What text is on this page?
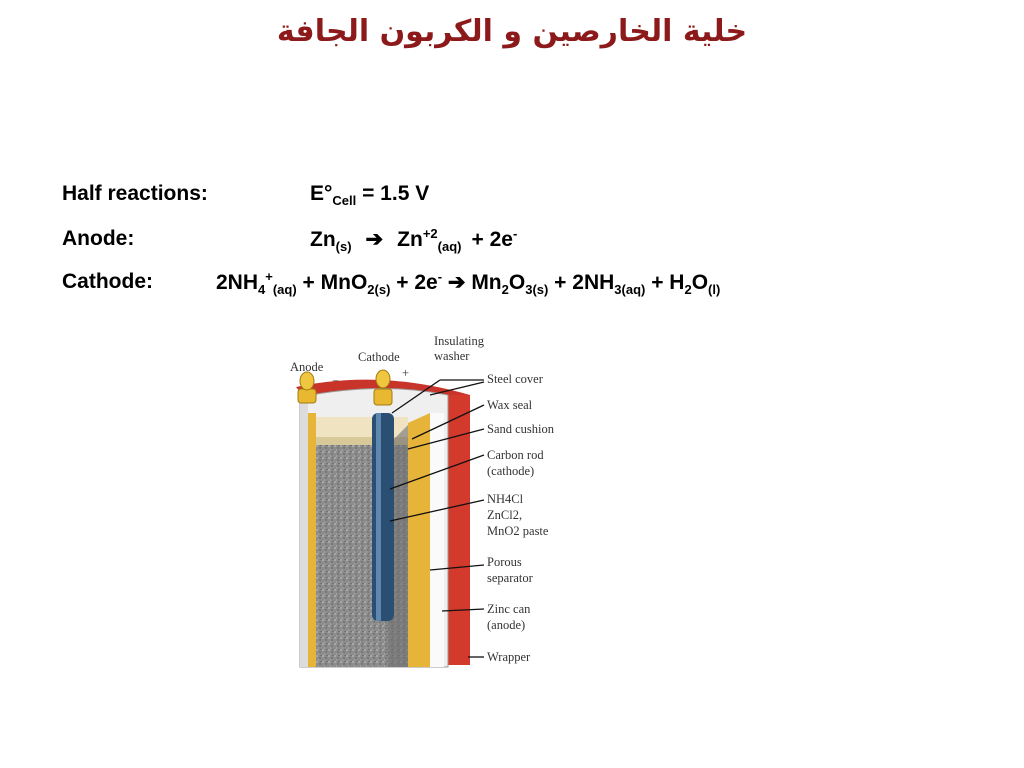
خلية الخارصين و الكربون الجافة
Half reactions:	$E^\circ_{Cell} = 1.5$ V
Anode:	$Zn_{(s)}$ ➔ $Zn^{+2}_{(aq)} + 2e^-$
Cathode:	$2NH_4^+_{(aq)} + MnO_{2(s)} + 2e^-$ ➔ $Mn_2O_{3(s)} + 2NH_{3(aq)} + H_2O_{(l)}$
Anode
−
Cathode
+
Insulating
washer
Steel cover
Wax seal
Sand cushion
Carbon rod
(cathode)
NH4Cl
ZnCl2,
MnO2 paste
Porous
separator
Zinc can
(anode)
Wrapper
